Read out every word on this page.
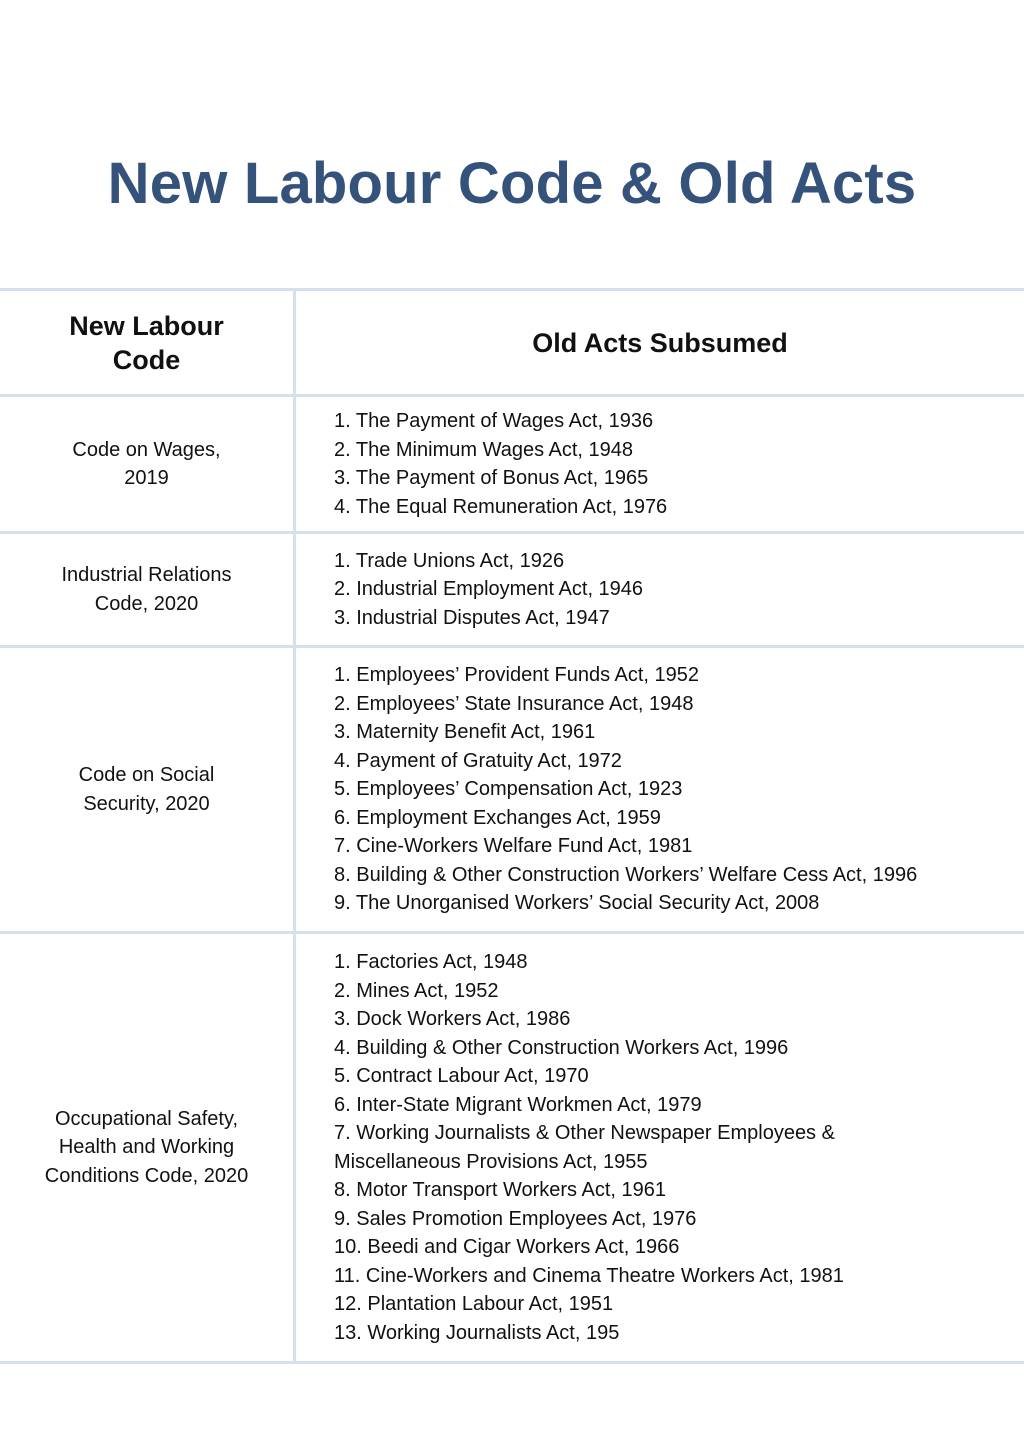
New Labour Code & Old Acts
New Labour Code
Old Acts Subsumed
Code on Wages, 2019
1. The Payment of Wages Act, 1936
2. The Minimum Wages Act, 1948
3. The Payment of Bonus Act, 1965
4. The Equal Remuneration Act, 1976
Industrial Relations Code, 2020
1. Trade Unions Act, 1926
2. Industrial Employment Act, 1946
3. Industrial Disputes Act, 1947
Code on Social Security, 2020
1. Employees’ Provident Funds Act, 1952
2. Employees’ State Insurance Act, 1948
3. Maternity Benefit Act, 1961
4. Payment of Gratuity Act, 1972
5. Employees’ Compensation Act, 1923
6. Employment Exchanges Act, 1959
7. Cine-Workers Welfare Fund Act, 1981
8. Building & Other Construction Workers’ Welfare Cess Act, 1996
9. The Unorganised Workers’ Social Security Act, 2008
Occupational Safety, Health and Working Conditions Code, 2020
1. Factories Act, 1948
2. Mines Act, 1952
3. Dock Workers Act, 1986
4. Building & Other Construction Workers Act, 1996
5. Contract Labour Act, 1970
6. Inter-State Migrant Workmen Act, 1979
7. Working Journalists & Other Newspaper Employees & Miscellaneous Provisions Act, 1955
8. Motor Transport Workers Act, 1961
9. Sales Promotion Employees Act, 1976
10. Beedi and Cigar Workers Act, 1966
11. Cine-Workers and Cinema Theatre Workers Act, 1981
12. Plantation Labour Act, 1951
13. Working Journalists Act, 195
